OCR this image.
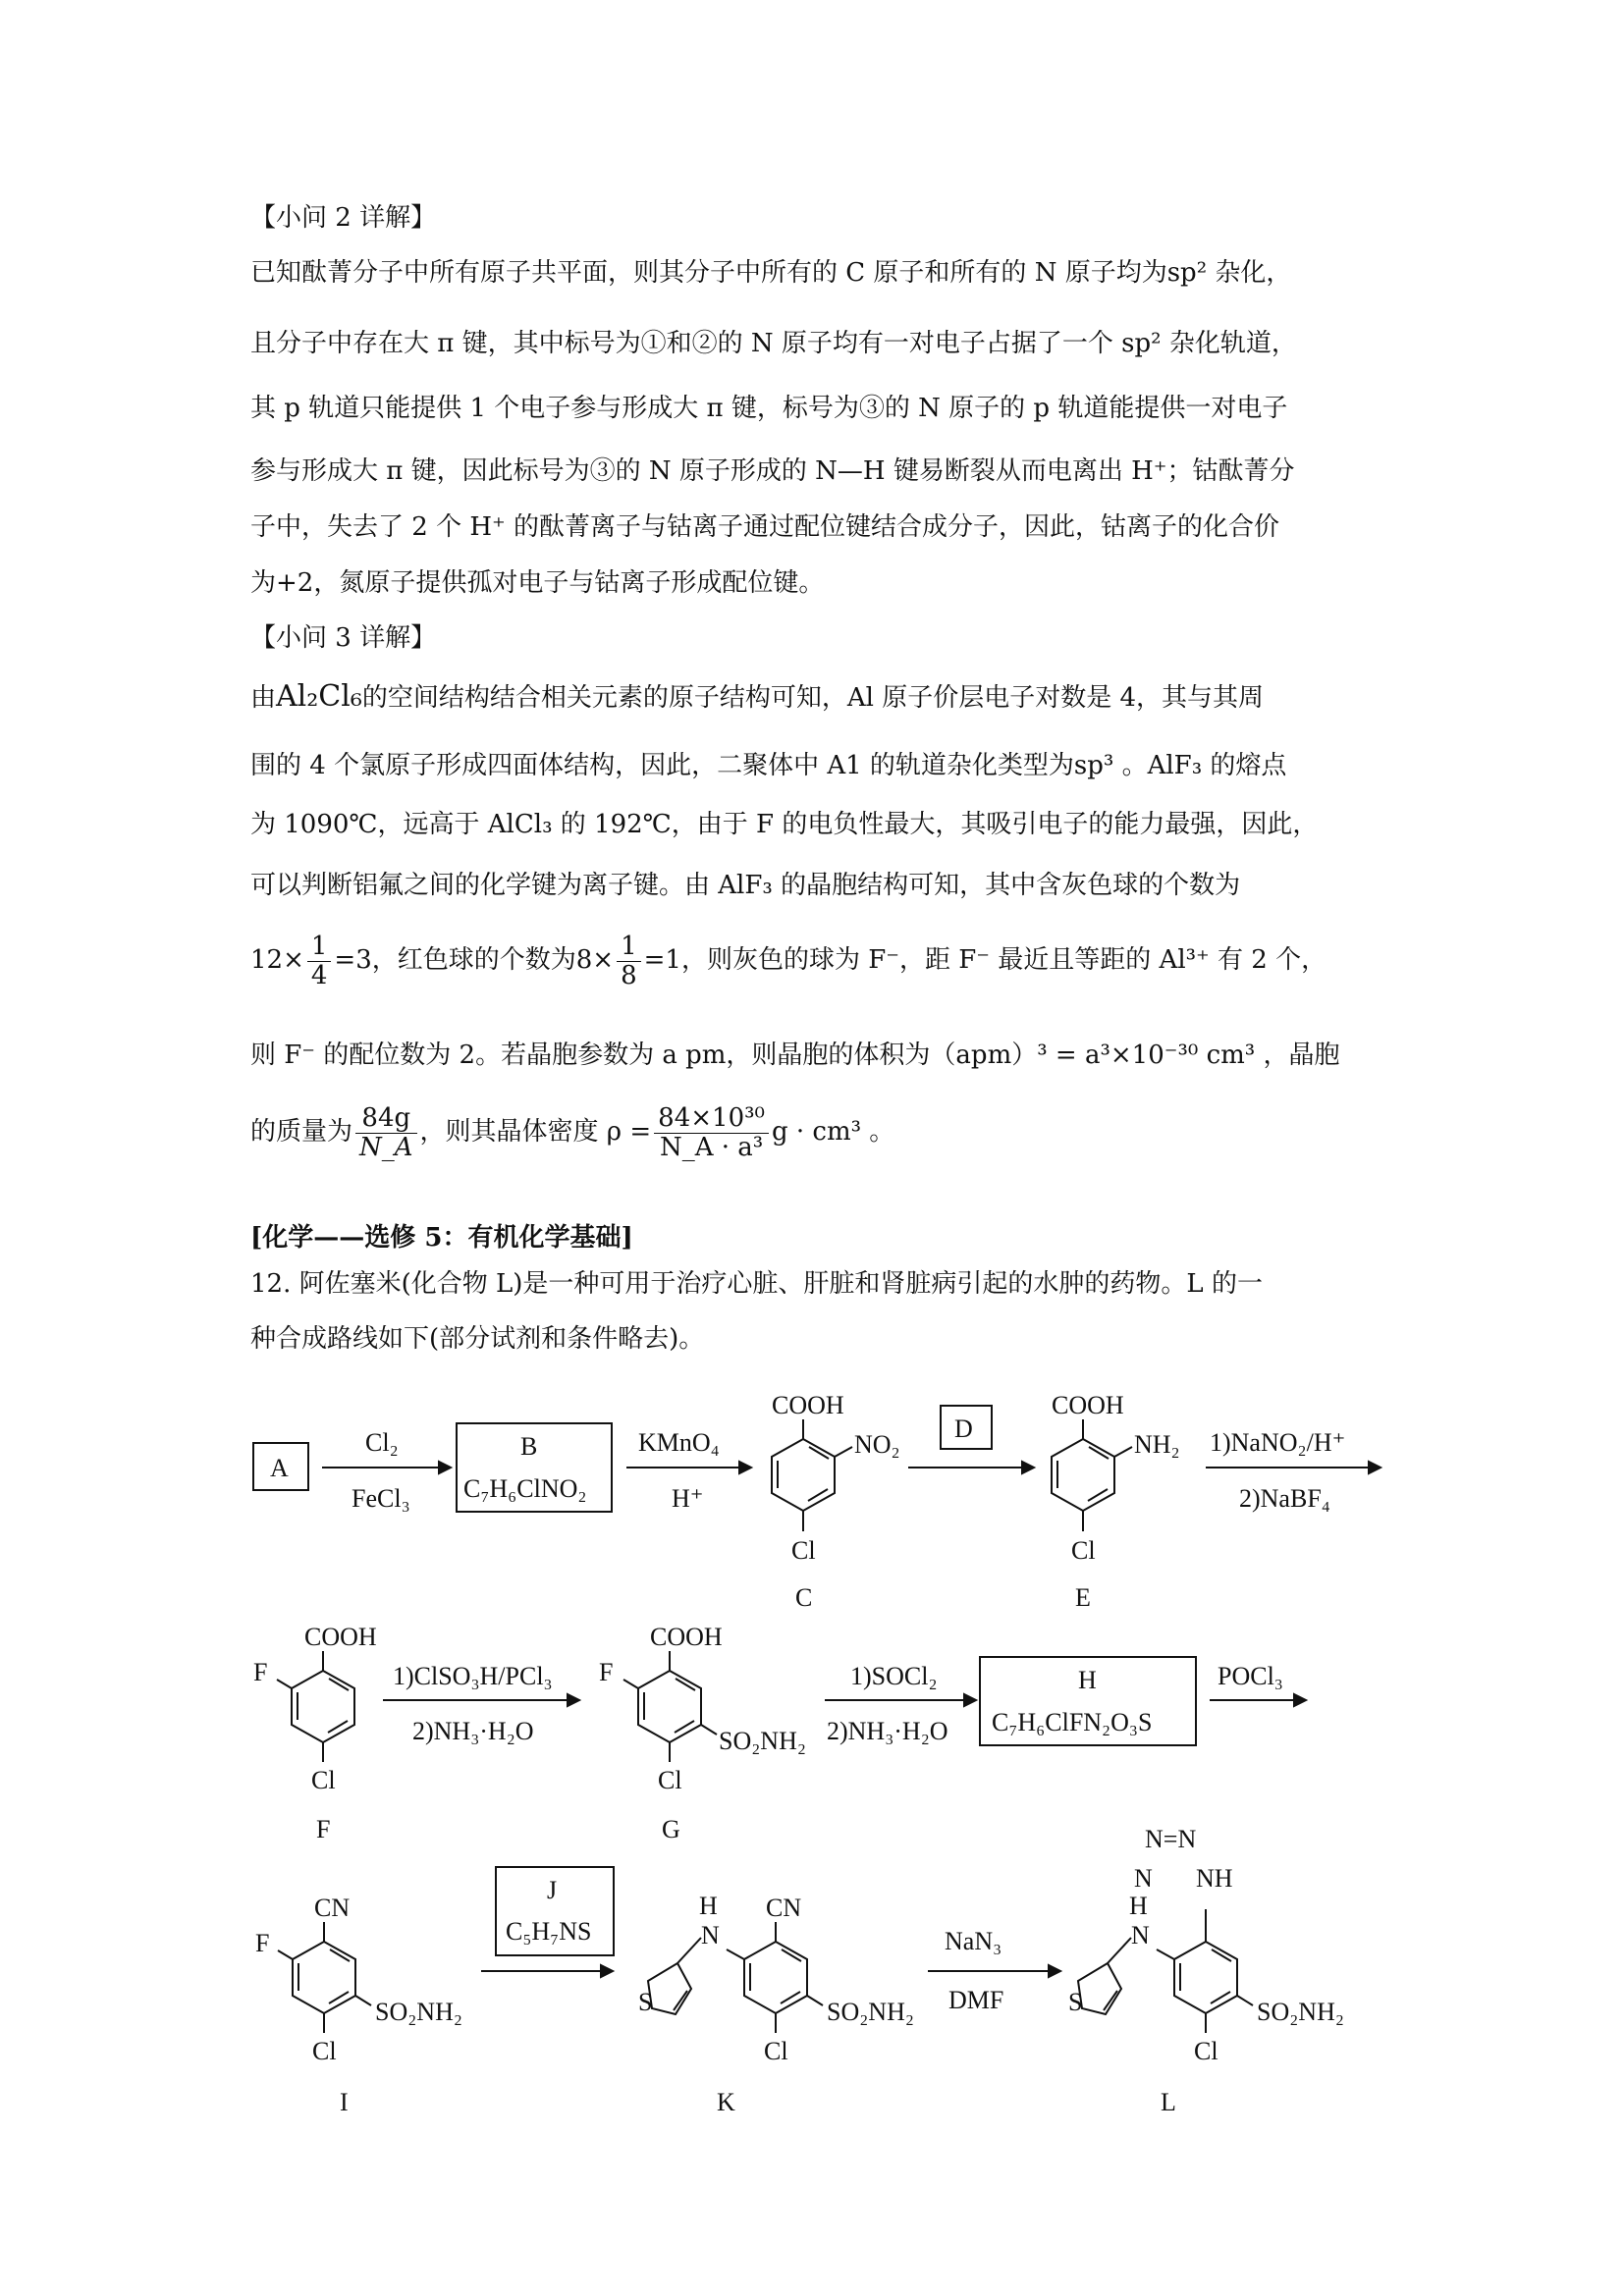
【小问 2 详解】
已知酞菁分子中所有原子共平面，则其分子中所有的 C 原子和所有的 N 原子均为sp² 杂化，
且分子中存在大 π 键，其中标号为①和②的 N 原子均有一对电子占据了一个 sp² 杂化轨道，
其 p 轨道只能提供 1 个电子参与形成大 π 键，标号为③的 N 原子的 p 轨道能提供一对电子
参与形成大 π 键，因此标号为③的 N 原子形成的 N—H 键易断裂从而电离出 H⁺；钴酞菁分
子中，失去了 2 个 H⁺ 的酞菁离子与钴离子通过配位键结合成分子，因此，钴离子的化合价
为+2，氮原子提供孤对电子与钴离子形成配位键。
【小问 3 详解】
由Al₂Cl₆的空间结构结合相关元素的原子结构可知，Al 原子价层电子对数是 4，其与其周
围的 4 个氯原子形成四面体结构，因此，二聚体中 A1 的轨道杂化类型为sp³ 。AlF₃ 的熔点
为 1090℃，远高于 AlCl₃ 的 192℃，由于 F 的电负性最大，其吸引电子的能力最强，因此，
可以判断铝氟之间的化学键为离子键。由 AlF₃ 的晶胞结构可知，其中含灰色球的个数为
$12\times \frac{1}{4} =3$，红色球的个数为$8\times \frac{1}{8} =1$，则灰色的球为 F⁻，距 F⁻ 最近且等距的 Al³⁺ 有 2 个，
则 F⁻ 的配位数为 2。若晶胞参数为 a pm，则晶胞的体积为（apm）³ = a³×10⁻³⁰ cm³ ，晶胞
的质量为 $\frac{84g}{N\_A}$ ，则其晶体密度 $\rho = \frac{\text{84×10³⁰}}{\text{N\_A · a³}}$ g · cm³ 。
[化学——选修 5：有机化学基础]
12. 阿佐塞米(化合物 L)是一种可用于治疗心脏、肝脏和肾脏病引起的水肿的药物。L 的一
种合成路线如下(部分试剂和条件略去)。
A
Cl₂
FeCl₃
B
C₇H₆ClNO₂
KMnO₄
H⁺
COOH
NO₂
Cl
C
D
COOH
NH₂
Cl
E
1)NaNO₂/H⁺
2)NaBF₄
COOH
F
Cl
F
1)ClSO₃H/PCl₃
2)NH₃·H₂O
COOH
F
Cl
SO₂NH₂
G
1)SOCl₂
2)NH₃·H₂O
H
C₇H₆ClFN₂O₃S
POCl₃
CN
F
Cl
SO₂NH₂
I
J
C₅H₇NS
H
N
CN
S
Cl
SO₂NH₂
K
NaN₃
DMF
N=N
N NH
H
N
S
Cl
SO₂NH₂
L
